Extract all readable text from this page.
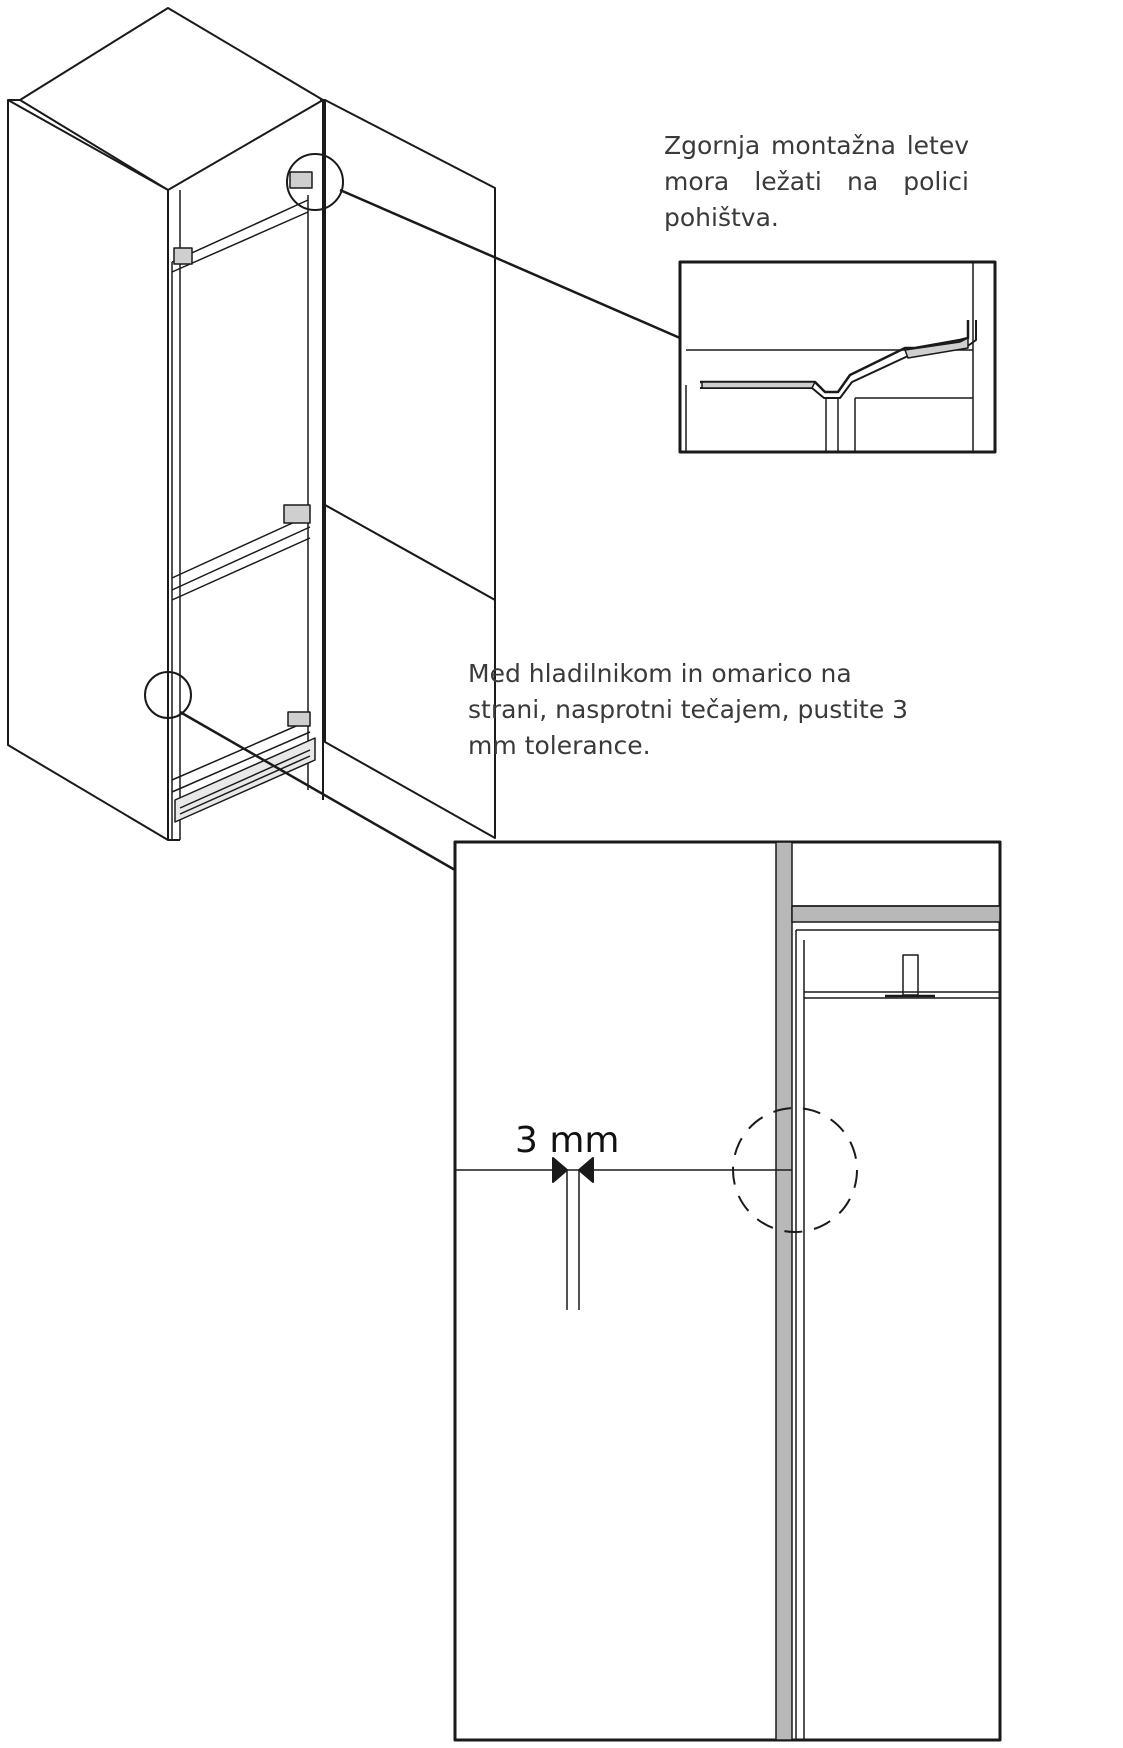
Zgornja montažna letev mora ležati na polici pohištva.

Med hladilnikom in omarico na strani, nasprotni tečajem, pustite 3 mm tolerance.

3 mm
